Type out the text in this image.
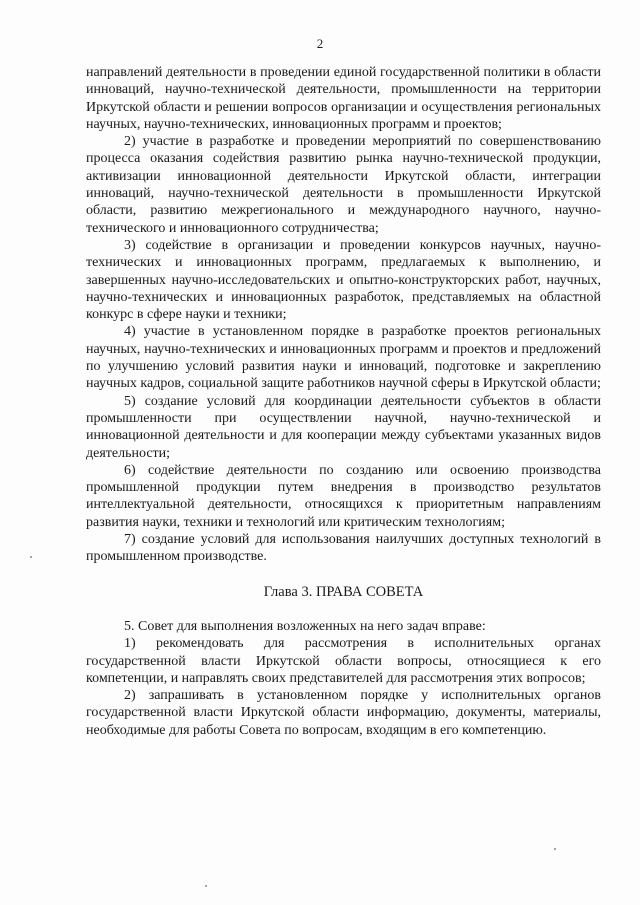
2

направлений деятельности в проведении единой государственной политики в области инноваций, научно-технической деятельности, промышленности на территории Иркутской области и решении вопросов организации и осуществления региональных научных, научно-технических, инновационных программ и проектов;

2) участие в разработке и проведении мероприятий по совершенствованию процесса оказания содействия развитию рынка научно-технической продукции, активизации инновационной деятельности Иркутской области, интеграции инноваций, научно-технической деятельности в промышленности Иркутской области, развитию межрегионального и международного научного, научно-технического и инновационного сотрудничества;

3) содействие в организации и проведении конкурсов научных, научно-технических и инновационных программ, предлагаемых к выполнению, и завершенных научно-исследовательских и опытно-конструкторских работ, научных, научно-технических и инновационных разработок, представляемых на областной конкурс в сфере науки и техники;

4) участие в установленном порядке в разработке проектов региональных научных, научно-технических и инновационных программ и проектов и предложений по улучшению условий развития науки и инноваций, подготовке и закреплению научных кадров, социальной защите работников научной сферы в Иркутской области;

5) создание условий для координации деятельности субъектов в области промышленности при осуществлении научной, научно-технической и инновационной деятельности и для кооперации между субъектами указанных видов деятельности;

6) содействие деятельности по созданию или освоению производства промышленной продукции путем внедрения в производство результатов интеллектуальной деятельности, относящихся к приоритетным направлениям развития науки, техники и технологий или критическим технологиям;

7) создание условий для использования наилучших доступных технологий в промышленном производстве.

Глава 3. ПРАВА СОВЕТА

5. Совет для выполнения возложенных на него задач вправе:

1) рекомендовать для рассмотрения в исполнительных органах государственной власти Иркутской области вопросы, относящиеся к его компетенции, и направлять своих представителей для рассмотрения этих вопросов;

2) запрашивать в установленном порядке у исполнительных органов государственной власти Иркутской области информацию, документы, материалы, необходимые для работы Совета по вопросам, входящим в его компетенцию.
